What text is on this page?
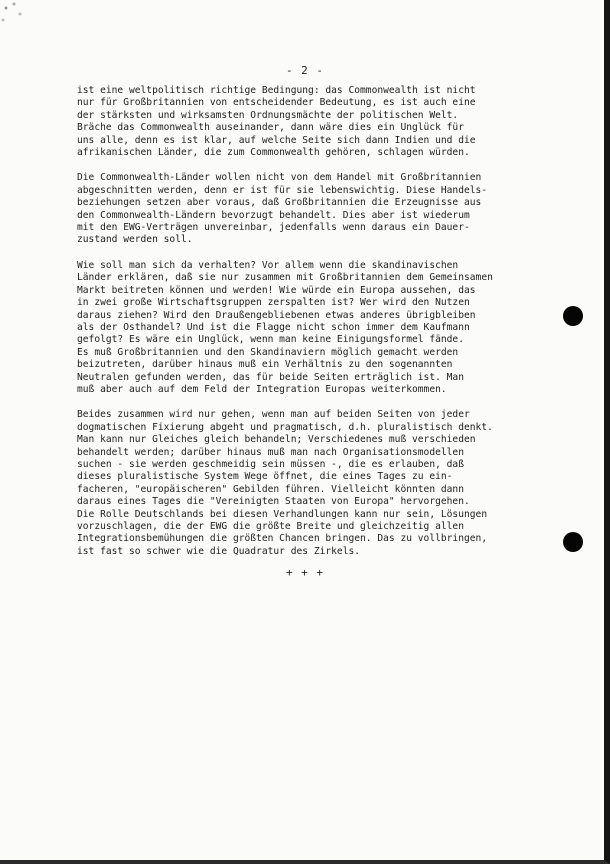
- 2 -

ist eine weltpolitisch richtige Bedingung: das Commonwealth ist nicht
nur für Großbritannien von entscheidender Bedeutung, es ist auch eine
der stärksten und wirksamsten Ordnungsmächte der politischen Welt.
Bräche das Commonwealth auseinander, dann wäre dies ein Unglück für
uns alle, denn es ist klar, auf welche Seite sich dann Indien und die
afrikanischen Länder, die zum Commonwealth gehören, schlagen würden.

Die Commonwealth-Länder wollen nicht von dem Handel mit Großbritannien
abgeschnitten werden, denn er ist für sie lebenswichtig. Diese Handels-
beziehungen setzen aber voraus, daß Großbritannien die Erzeugnisse aus
den Commonwealth-Ländern bevorzugt behandelt. Dies aber ist wiederum
mit den EWG-Verträgen unvereinbar, jedenfalls wenn daraus ein Dauer-
zustand werden soll.

Wie soll man sich da verhalten? Vor allem wenn die skandinavischen
Länder erklären, daß sie nur zusammen mit Großbritannien dem Gemeinsamen
Markt beitreten können und werden! Wie würde ein Europa aussehen, das
in zwei große Wirtschaftsgruppen zerspalten ist? Wer wird den Nutzen
daraus ziehen? Wird den Draußengebliebenen etwas anderes übrigbleiben
als der Osthandel? Und ist die Flagge nicht schon immer dem Kaufmann
gefolgt? Es wäre ein Unglück, wenn man keine Einigungsformel fände.
Es muß Großbritannien und den Skandinaviern möglich gemacht werden
beizutreten, darüber hinaus muß ein Verhältnis zu den sogenannten
Neutralen gefunden werden, das für beide Seiten erträglich ist. Man
muß aber auch auf dem Feld der Integration Europas weiterkommen.

Beides zusammen wird nur gehen, wenn man auf beiden Seiten von jeder
dogmatischen Fixierung abgeht und pragmatisch, d.h. pluralistisch denkt.
Man kann nur Gleiches gleich behandeln; Verschiedenes muß verschieden
behandelt werden; darüber hinaus muß man nach Organisationsmodellen
suchen - sie werden geschmeidig sein müssen -, die es erlauben, daß
dieses pluralistische System Wege öffnet, die eines Tages zu ein-
facheren, "europäischeren" Gebilden führen. Vielleicht könnten dann
daraus eines Tages die "Vereinigten Staaten von Europa" hervorgehen.
Die Rolle Deutschlands bei diesen Verhandlungen kann nur sein, Lösungen
vorzuschlagen, die der EWG die größte Breite und gleichzeitig allen
Integrationsbemühungen die größten Chancen bringen. Das zu vollbringen,
ist fast so schwer wie die Quadratur des Zirkels.

+ + +
